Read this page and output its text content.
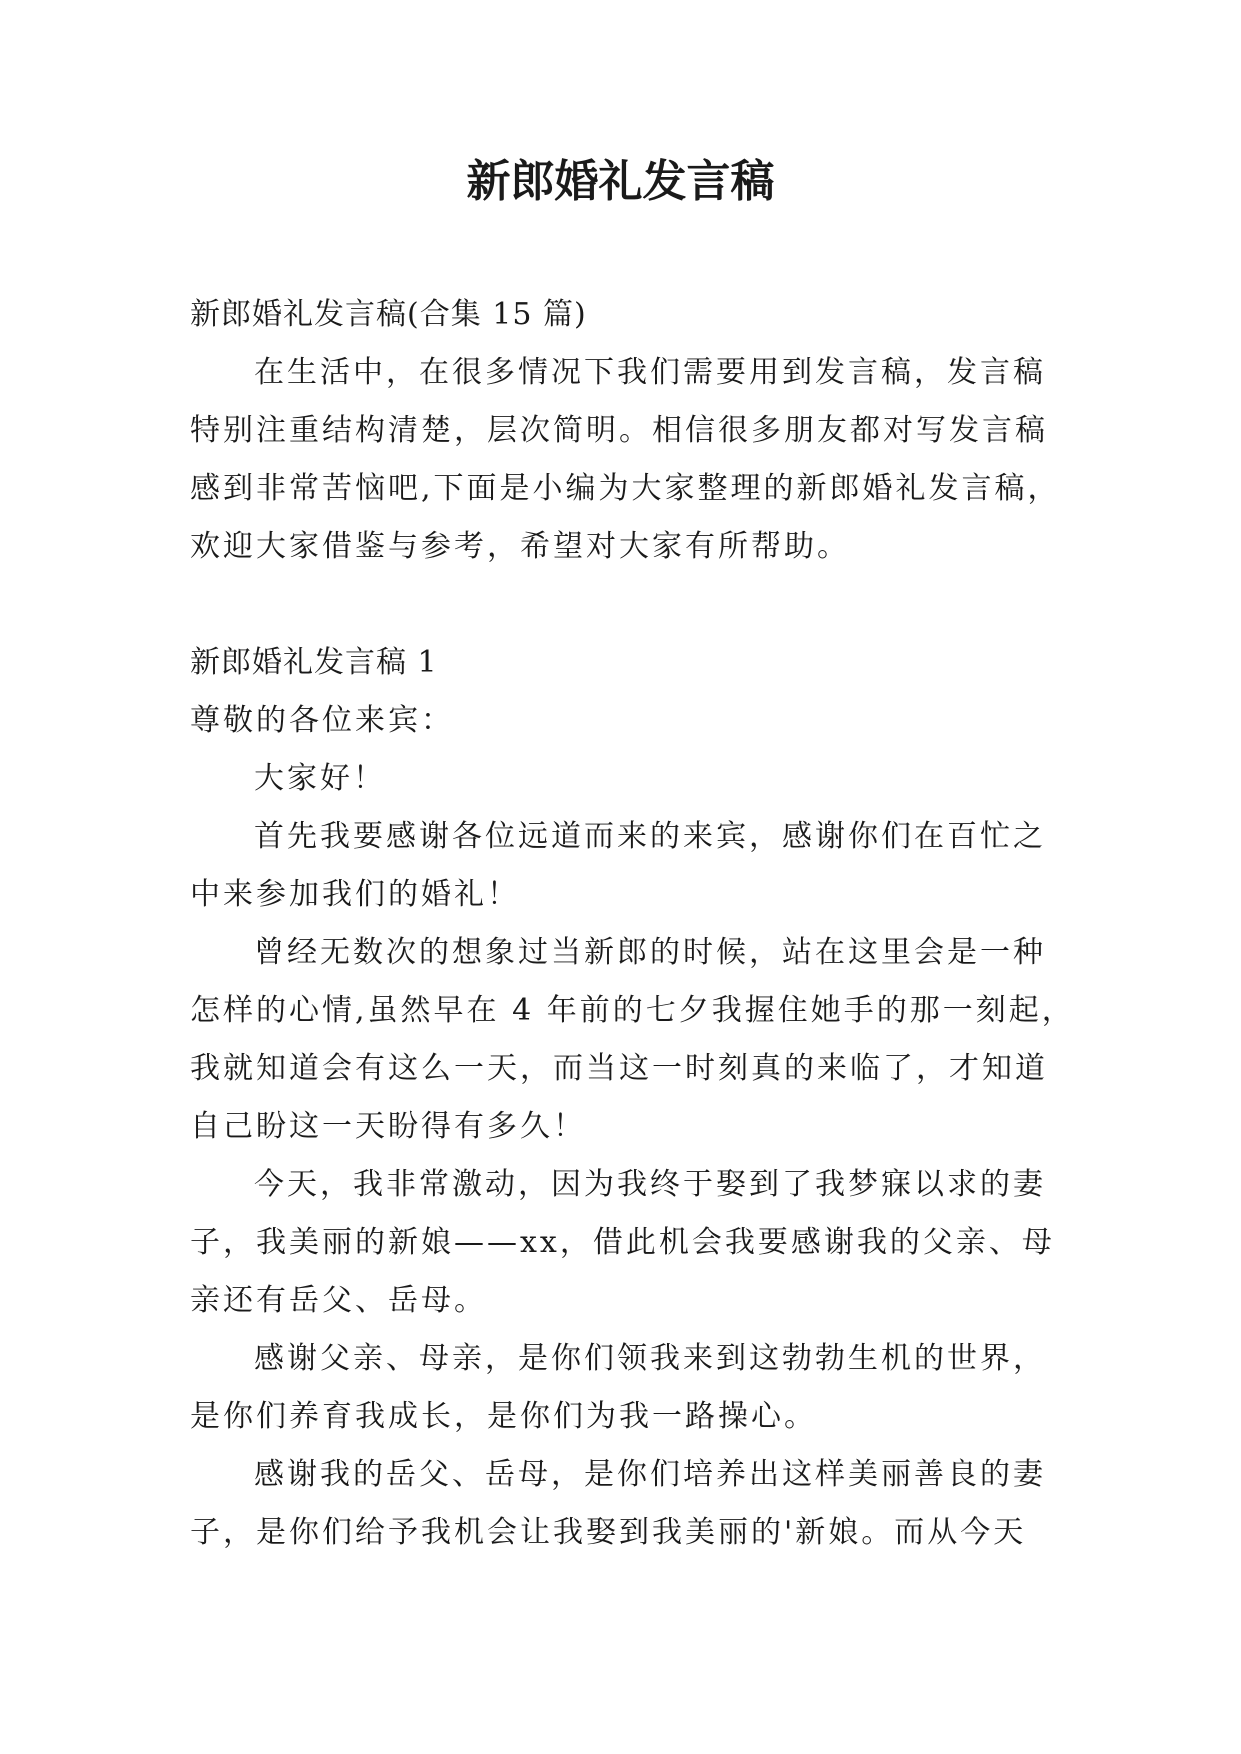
新郎婚礼发言稿
新郎婚礼发言稿(合集 15 篇)
在生活中，在很多情况下我们需要用到发言稿，发言稿
特别注重结构清楚，层次简明。相信很多朋友都对写发言稿
感到非常苦恼吧,下面是小编为大家整理的新郎婚礼发言稿，
欢迎大家借鉴与参考，希望对大家有所帮助。
新郎婚礼发言稿 1
尊敬的各位来宾：
大家好！
首先我要感谢各位远道而来的来宾，感谢你们在百忙之
中来参加我们的婚礼！
曾经无数次的想象过当新郎的时候，站在这里会是一种
怎样的心情,虽然早在 4 年前的七夕我握住她手的那一刻起，
我就知道会有这么一天，而当这一时刻真的来临了，才知道
自己盼这一天盼得有多久！
今天，我非常激动，因为我终于娶到了我梦寐以求的妻
子，我美丽的新娘——xx，借此机会我要感谢我的父亲、母
亲还有岳父、岳母。
感谢父亲、母亲，是你们领我来到这勃勃生机的世界，
是你们养育我成长，是你们为我一路操心。
感谢我的岳父、岳母，是你们培养出这样美丽善良的妻
子，是你们给予我机会让我娶到我美丽的'新娘。而从今天
